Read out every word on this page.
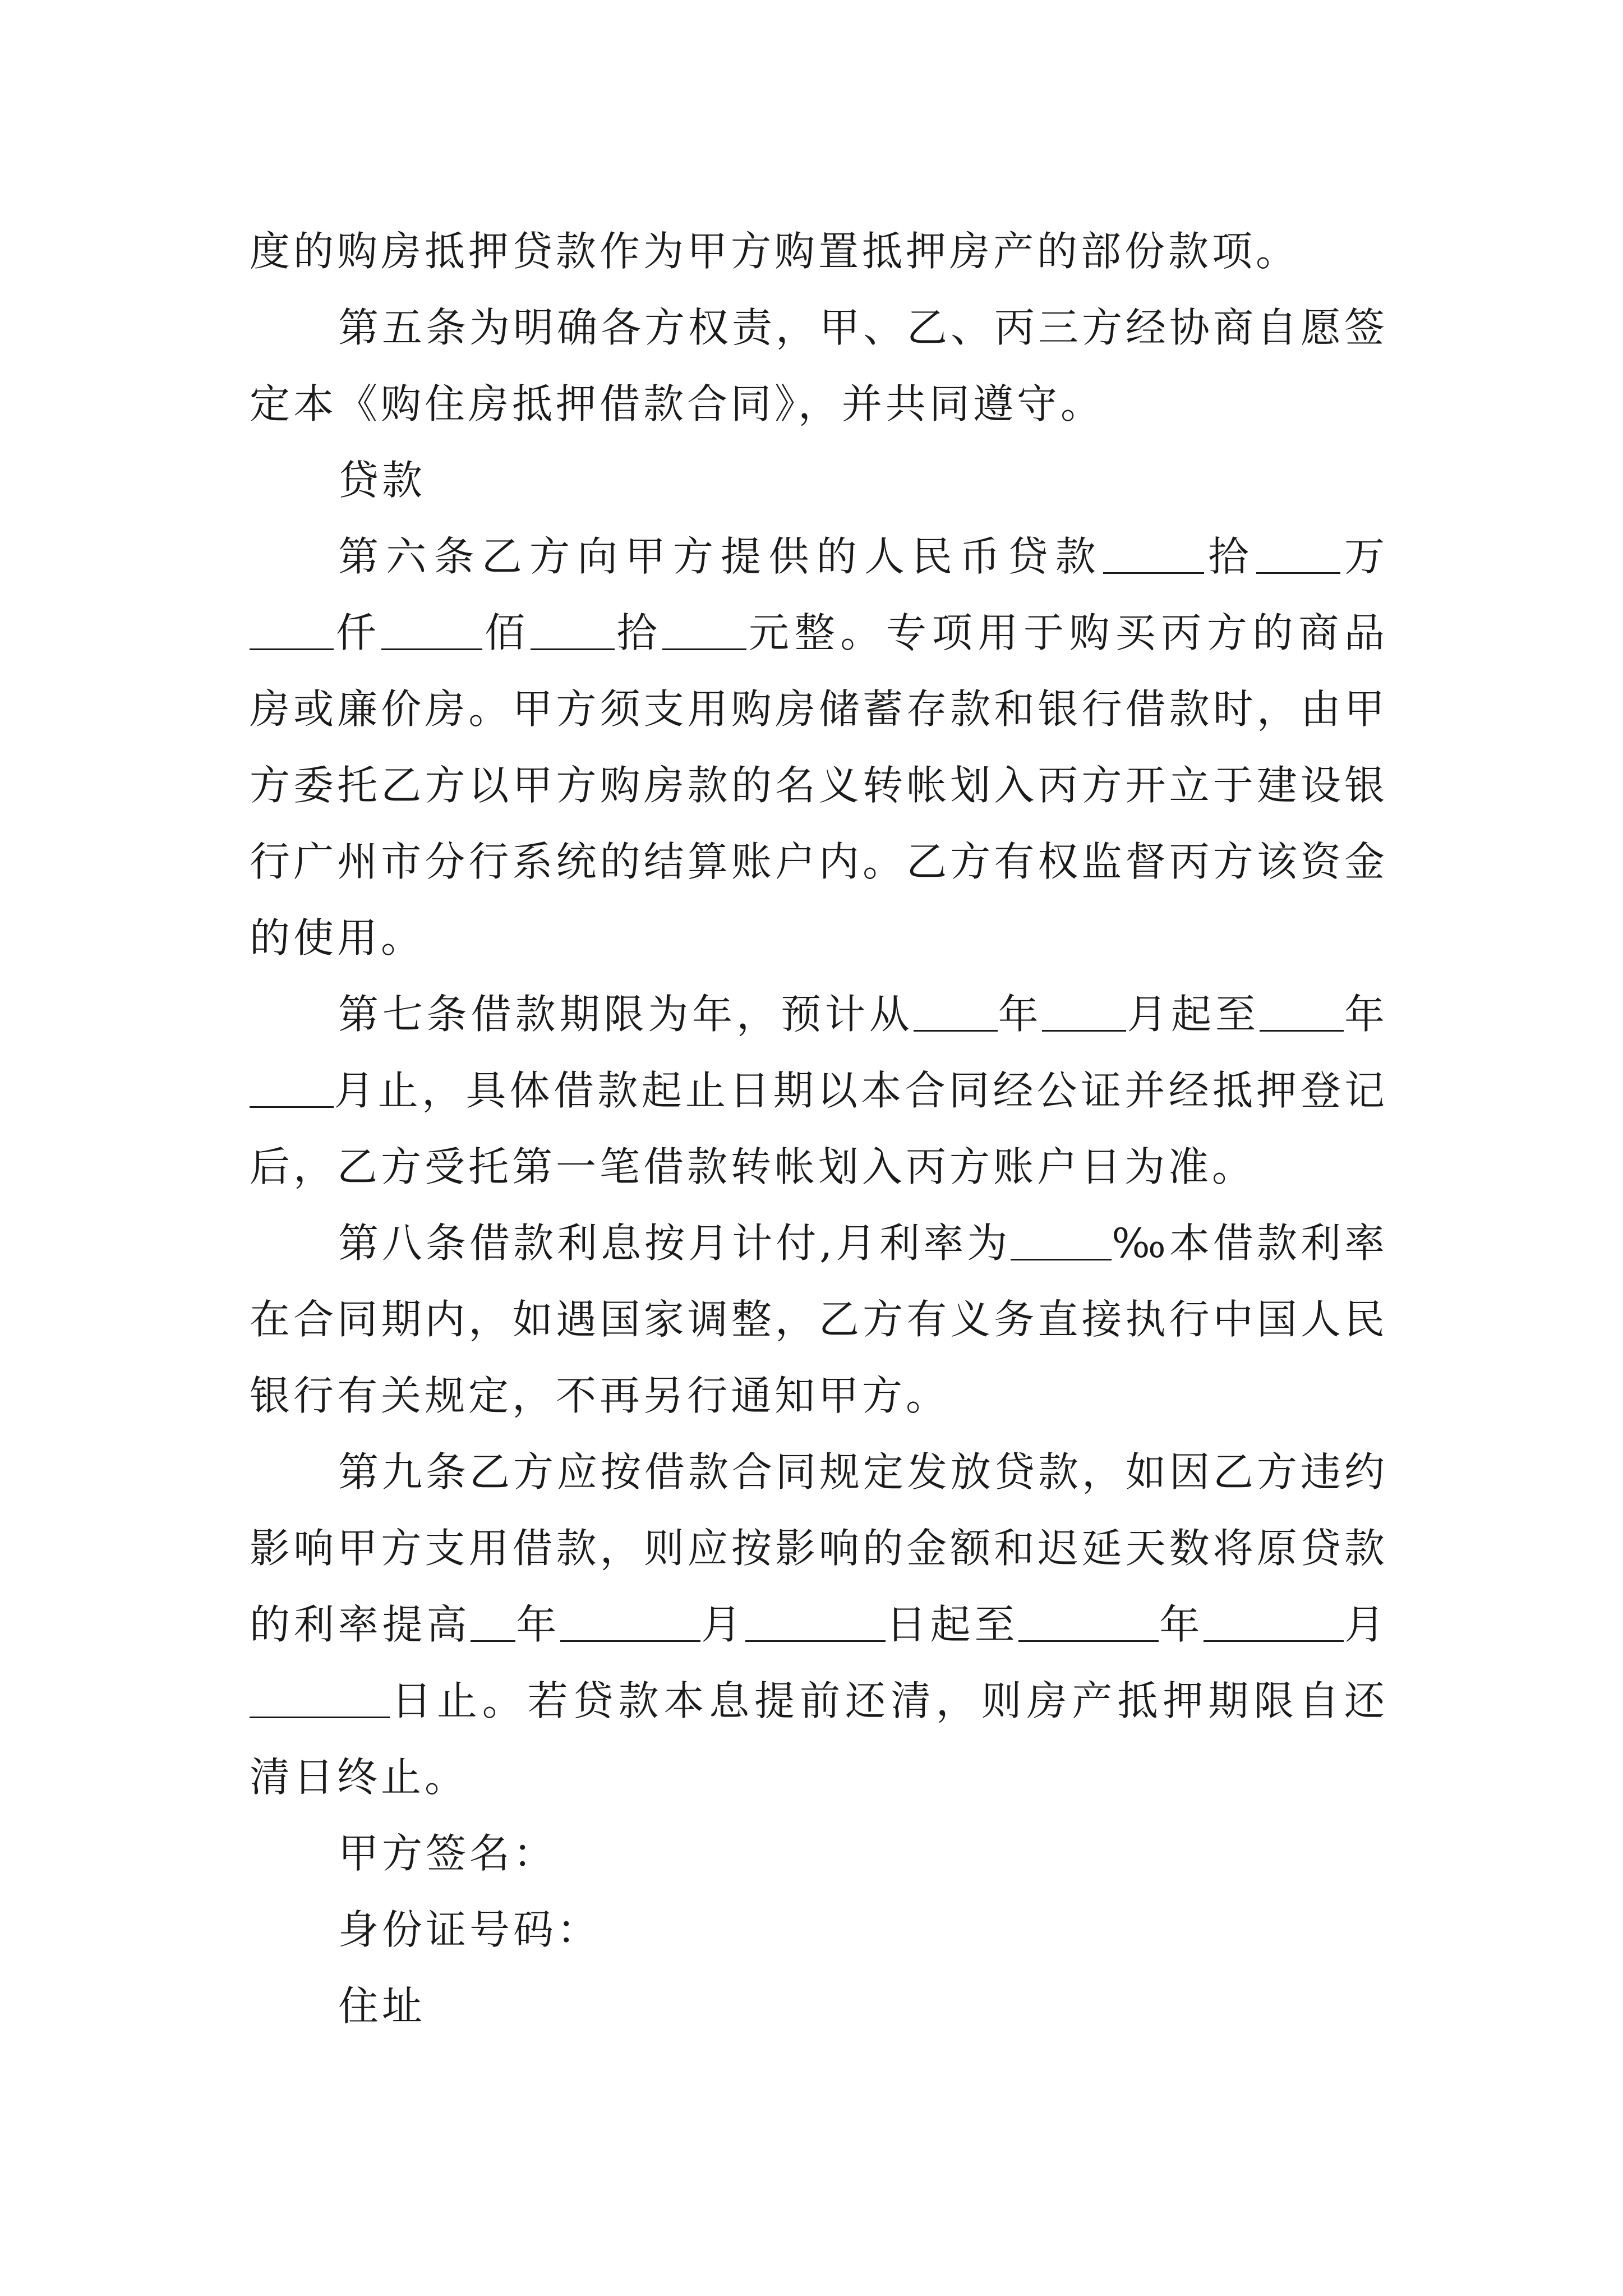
度的购房抵押贷款作为甲方购置抵押房产的部份款项。

第五条为明确各方权责，甲、乙、丙三方经协商自愿签定本《购住房抵押借款合同》，并共同遵守。

贷款

第六条乙方向甲方提供的人民币贷款	拾 万仟	佰 拾 元整。专项用于购买丙方的商品房或廉价房。甲方须支用购房储蓄存款和银行借款时，由甲方委托乙方以甲方购房款的名义转帐划入丙方开立于建设银行广州市分行系统的结算账户内。乙方有权监督丙方该资金的使用。

第七条借款期限为年，预计从 年 月起至 年月止，具体借款起止日期以本合同经公证并经抵押登记后，乙方受托第一笔借款转帐划入丙方账户日为准。

第八条借款利息按月计付,月利率为	‰本借款利率在合同期内，如遇国家调整，乙方有义务直接执行中国人民银行有关规定，不再另行通知甲方。

第九条乙方应按借款合同规定发放贷款，如因乙方违约影响甲方支用借款，则应按影响的金额和迟延天数将原贷款的利率提高 年	月	日起至	年	月日止。若贷款本息提前还清，则房产抵押期限自还清日终止。

甲方签名：

身份证号码：

住址
